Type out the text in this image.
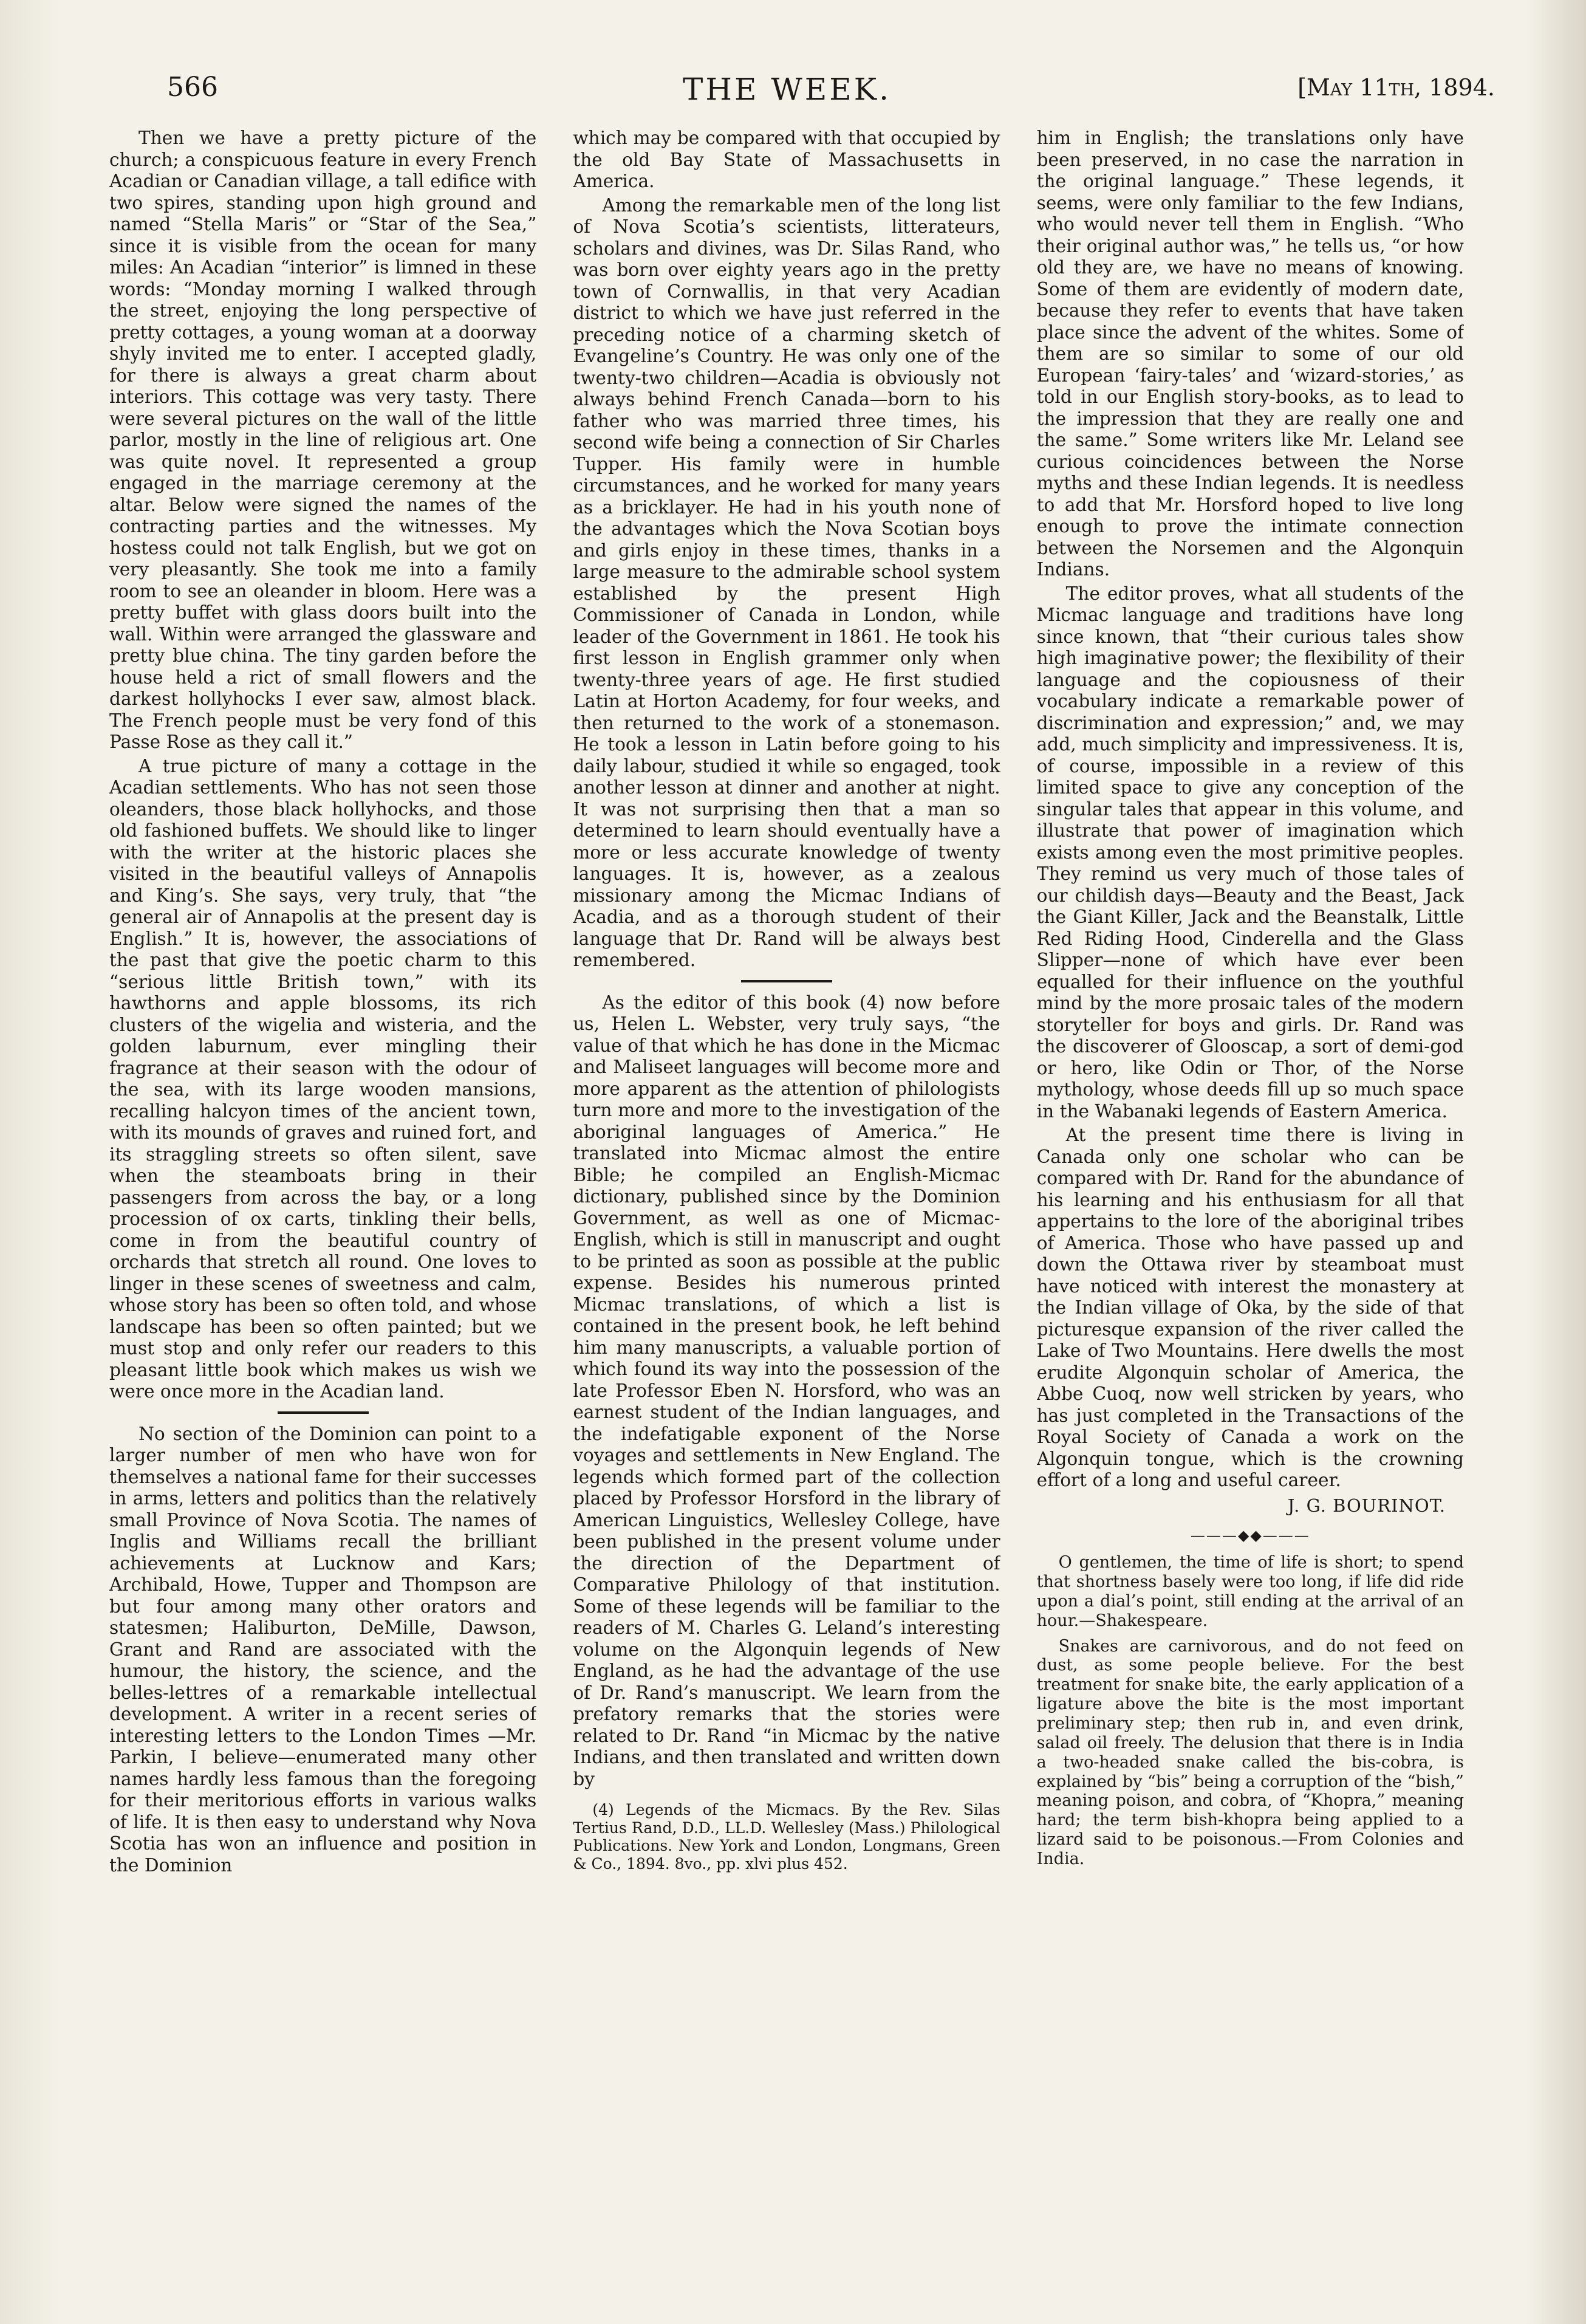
566	THE WEEK.	[May 11th, 1894.

Then we have a pretty picture of the church; a conspicuous feature in every French Acadian or Canadian village, a tall edifice with two spires, standing upon high ground and named “Stella Maris” or “Star of the Sea,” since it is visible from the ocean for many miles: An Acadian “interior” is limned in these words: “Monday morning I walked through the street, enjoying the long perspective of pretty cottages, a young woman at a doorway shyly invited me to enter. I accepted gladly, for there is always a great charm about interiors. This cottage was very tasty. There were several pictures on the wall of the little parlor, mostly in the line of religious art. One was quite novel. It represented a group engaged in the marriage ceremony at the altar. Below were signed the names of the contracting parties and the witnesses. My hostess could not talk English, but we got on very pleasantly. She took me into a family room to see an oleander in bloom. Here was a pretty buffet with glass doors built into the wall. Within were arranged the glassware and pretty blue china. The tiny garden before the house held a rict of small flowers and the darkest hollyhocks I ever saw, almost black. The French people must be very fond of this Passe Rose as they call it.”

A true picture of many a cottage in the Acadian settlements. Who has not seen those oleanders, those black hollyhocks, and those old fashioned buffets. We should like to linger with the writer at the historic places she visited in the beautiful valleys of Annapolis and King’s. She says, very truly, that “the general air of Annapolis at the present day is English.” It is, however, the associations of the past that give the poetic charm to this “serious little British town,” with its hawthorns and apple blossoms, its rich clusters of the wigelia and wisteria, and the golden laburnum, ever mingling their fragrance at their season with the odour of the sea, with its large wooden mansions, recalling halcyon times of the ancient town, with its mounds of graves and ruined fort, and its straggling streets so often silent, save when the steamboats bring in their passengers from across the bay, or a long procession of ox carts, tinkling their bells, come in from the beautiful country of orchards that stretch all round. One loves to linger in these scenes of sweetness and calm, whose story has been so often told, and whose landscape has been so often painted; but we must stop and only refer our readers to this pleasant little book which makes us wish we were once more in the Acadian land.

No section of the Dominion can point to a larger number of men who have won for themselves a national fame for their successes in arms, letters and politics than the relatively small Province of Nova Scotia. The names of Inglis and Williams recall the brilliant achievements at Lucknow and Kars; Archibald, Howe, Tupper and Thompson are but four among many other orators and statesmen; Haliburton, DeMille, Dawson, Grant and Rand are associated with the humour, the history, the science, and the belles-lettres of a remarkable intellectual development. A writer in a recent series of interesting letters to the London Times —Mr. Parkin, I believe—enumerated many other names hardly less famous than the foregoing for their meritorious efforts in various walks of life. It is then easy to understand why Nova Scotia has won an influence and position in the Dominion

which may be compared with that occupied by the old Bay State of Massachusetts in America.

Among the remarkable men of the long list of Nova Scotia’s scientists, litterateurs, scholars and divines, was Dr. Silas Rand, who was born over eighty years ago in the pretty town of Cornwallis, in that very Acadian district to which we have just referred in the preceding notice of a charming sketch of Evangeline’s Country. He was only one of the twenty-two children—Acadia is obviously not always behind French Canada—born to his father who was married three times, his second wife being a connection of Sir Charles Tupper. His family were in humble circumstances, and he worked for many years as a bricklayer. He had in his youth none of the advantages which the Nova Scotian boys and girls enjoy in these times, thanks in a large measure to the admirable school system established by the present High Commissioner of Canada in London, while leader of the Government in 1861. He took his first lesson in English grammer only when twenty-three years of age. He first studied Latin at Horton Academy, for four weeks, and then returned to the work of a stonemason. He took a lesson in Latin before going to his daily labour, studied it while so engaged, took another lesson at dinner and another at night. It was not surprising then that a man so determined to learn should eventually have a more or less accurate knowledge of twenty languages. It is, however, as a zealous missionary among the Micmac Indians of Acadia, and as a thorough student of their language that Dr. Rand will be always best remembered.

As the editor of this book (4) now before us, Helen L. Webster, very truly says, “the value of that which he has done in the Micmac and Maliseet languages will become more and more apparent as the attention of philologists turn more and more to the investigation of the aboriginal languages of America.” He translated into Micmac almost the entire Bible; he compiled an English-Micmac dictionary, published since by the Dominion Government, as well as one of Micmac-English, which is still in manuscript and ought to be printed as soon as possible at the public expense. Besides his numerous printed Micmac translations, of which a list is contained in the present book, he left behind him many manuscripts, a valuable portion of which found its way into the possession of the late Professor Eben N. Horsford, who was an earnest student of the Indian languages, and the indefatigable exponent of the Norse voyages and settlements in New England. The legends which formed part of the collection placed by Professor Horsford in the library of American Linguistics, Wellesley College, have been published in the present volume under the direction of the Department of Comparative Philology of that institution. Some of these legends will be familiar to the readers of M. Charles G. Leland’s interesting volume on the Algonquin legends of New England, as he had the advantage of the use of Dr. Rand’s manuscript. We learn from the prefatory remarks that the stories were related to Dr. Rand “in Micmac by the native Indians, and then translated and written down by

(4) Legends of the Micmacs. By the Rev. Silas Tertius Rand, D.D., LL.D. Wellesley (Mass.) Philological Publications. New York and London, Longmans, Green & Co., 1894. 8vo., pp. xlvi plus 452.

him in English; the translations only have been preserved, in no case the narration in the original language.” These legends, it seems, were only familiar to the few Indians, who would never tell them in English. “Who their original author was,” he tells us, “or how old they are, we have no means of knowing. Some of them are evidently of modern date, because they refer to events that have taken place since the advent of the whites. Some of them are so similar to some of our old European ‘fairy-tales’ and ‘wizard-stories,’ as told in our English story-books, as to lead to the impression that they are really one and the same.” Some writers like Mr. Leland see curious coincidences between the Norse myths and these Indian legends. It is needless to add that Mr. Horsford hoped to live long enough to prove the intimate connection between the Norsemen and the Algonquin Indians.

The editor proves, what all students of the Micmac language and traditions have long since known, that “their curious tales show high imaginative power; the flexibility of their language and the copiousness of their vocabulary indicate a remarkable power of discrimination and expression;” and, we may add, much simplicity and impressiveness. It is, of course, impossible in a review of this limited space to give any conception of the singular tales that appear in this volume, and illustrate that power of imagination which exists among even the most primitive peoples. They remind us very much of those tales of our childish days—Beauty and the Beast, Jack the Giant Killer, Jack and the Beanstalk, Little Red Riding Hood, Cinderella and the Glass Slipper—none of which have ever been equalled for their influence on the youthful mind by the more prosaic tales of the modern storyteller for boys and girls. Dr. Rand was the discoverer of Glooscap, a sort of demi-god or hero, like Odin or Thor, of the Norse mythology, whose deeds fill up so much space in the Wabanaki legends of Eastern America.

At the present time there is living in Canada only one scholar who can be compared with Dr. Rand for the abundance of his learning and his enthusiasm for all that appertains to the lore of the aboriginal tribes of America. Those who have passed up and down the Ottawa river by steamboat must have noticed with interest the monastery at the Indian village of Oka, by the side of that picturesque expansion of the river called the Lake of Two Mountains. Here dwells the most erudite Algonquin scholar of America, the Abbe Cuoq, now well stricken by years, who has just completed in the Transactions of the Royal Society of Canada a work on the Algonquin tongue, which is the crowning effort of a long and useful career.

J. G. BOURINOT.
———◆◆———

O gentlemen, the time of life is short; to spend that shortness basely were too long, if life did ride upon a dial’s point, still ending at the arrival of an hour.—Shakespeare.

Snakes are carnivorous, and do not feed on dust, as some people believe. For the best treatment for snake bite, the early application of a ligature above the bite is the most important preliminary step; then rub in, and even drink, salad oil freely. The delusion that there is in India a two-headed snake called the bis-cobra, is explained by “bis” being a corruption of the “bish,” meaning poison, and cobra, of “Khopra,” meaning hard; the term bish-khopra being applied to a lizard said to be poisonous.—From Colonies and India.
